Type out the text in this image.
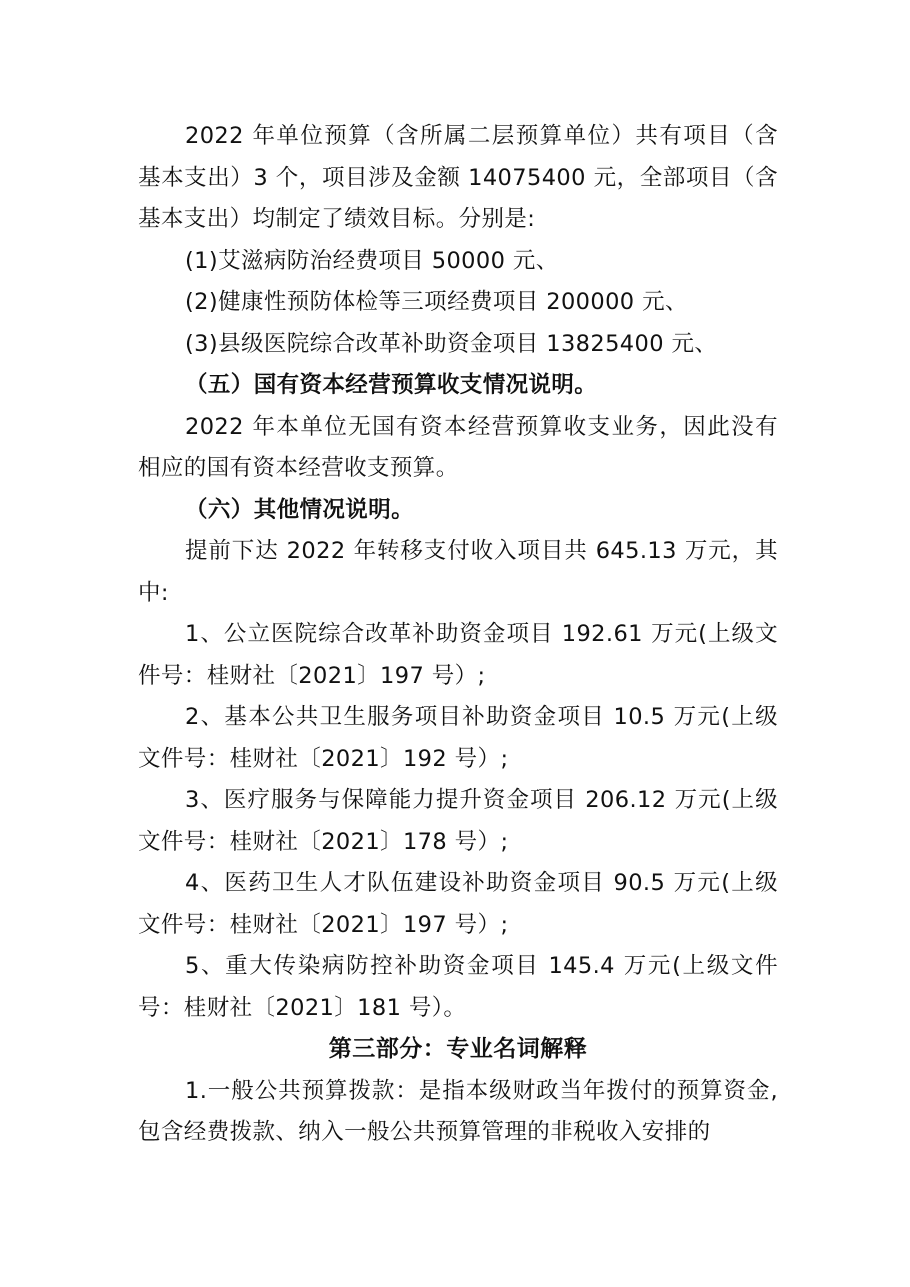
2022 年单位预算（含所属二层预算单位）共有项目（含基本支出）3 个，项目涉及金额 14075400 元，全部项目（含基本支出）均制定了绩效目标。分别是:

(1)艾滋病防治经费项目 50000 元、

(2)健康性预防体检等三项经费项目 200000 元、

(3)县级医院综合改革补助资金项目 13825400 元、

（五）国有资本经营预算收支情况说明。

2022 年本单位无国有资本经营预算收支业务，因此没有相应的国有资本经营收支预算。

（六）其他情况说明。

提前下达 2022 年转移支付收入项目共 645.13 万元，其中:

1、公立医院综合改革补助资金项目 192.61 万元(上级文件号：桂财社〔2021〕197 号）;

2、基本公共卫生服务项目补助资金项目 10.5 万元(上级文件号：桂财社〔2021〕192 号）;

3、医疗服务与保障能力提升资金项目 206.12 万元(上级文件号：桂财社〔2021〕178 号）;

4、医药卫生人才队伍建设补助资金项目 90.5 万元(上级文件号：桂财社〔2021〕197 号）;

5、重大传染病防控补助资金项目 145.4 万元(上级文件号：桂财社〔2021〕181 号）。

第三部分：专业名词解释

1.一般公共预算拨款：是指本级财政当年拨付的预算资金,包含经费拨款、纳入一般公共预算管理的非税收入安排的
